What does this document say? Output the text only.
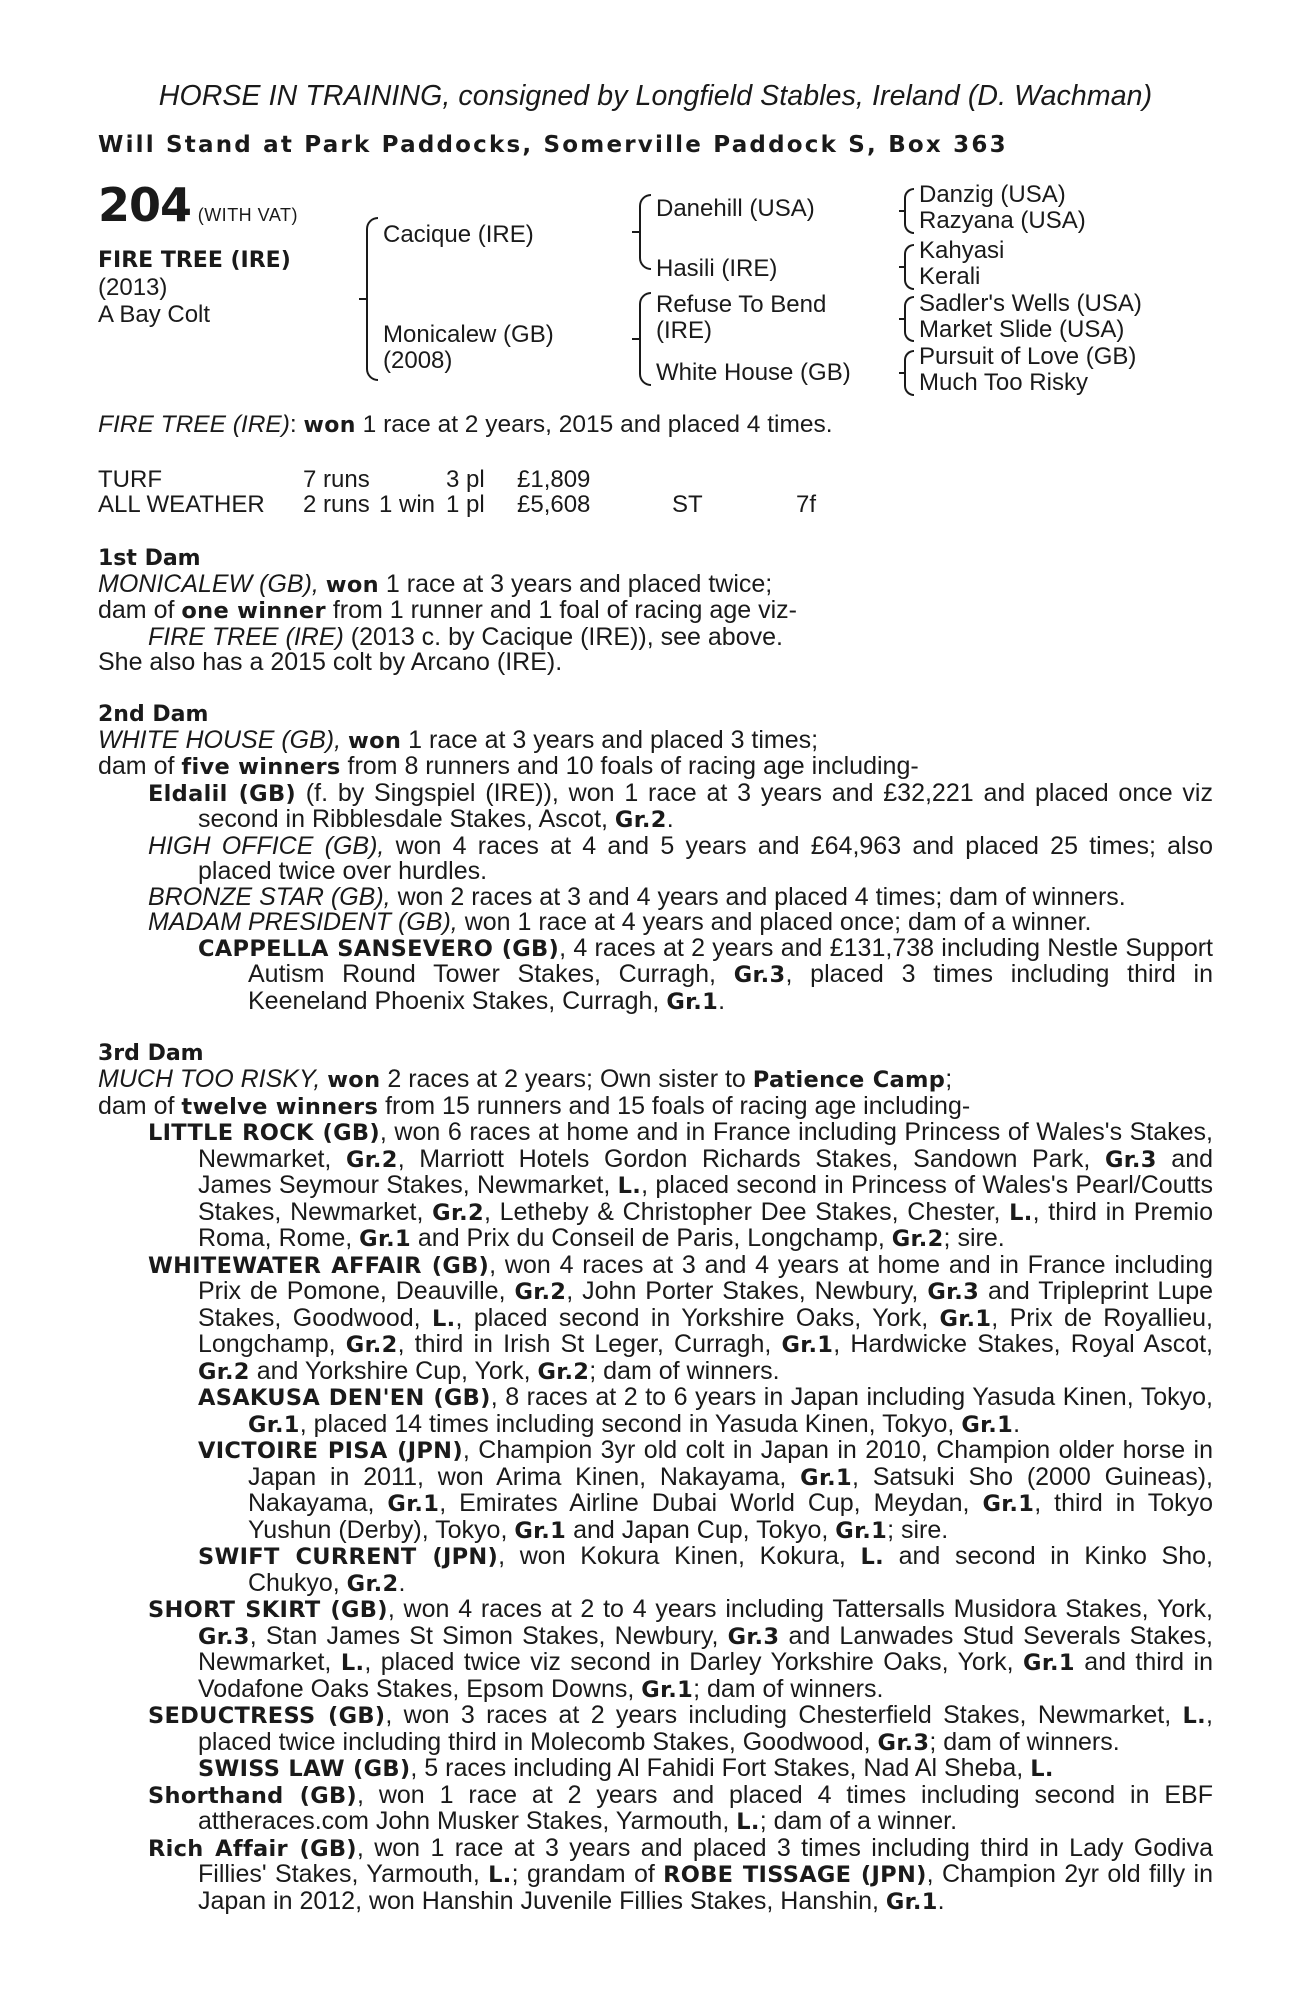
HORSE IN TRAINING, consigned by Longfield Stables, Ireland (D. Wachman)
Will Stand at Park Paddocks, Somerville Paddock S, Box 363
204 (WITH VAT)
FIRE TREE (IRE)
(2013)
A Bay Colt
Cacique (IRE)
Monicalew (GB)
(2008)
Danehill (USA)
Hasili (IRE)
Refuse To Bend
(IRE)
White House (GB)
Danzig (USA)
Razyana (USA)
Kahyasi
Kerali
Sadler's Wells (USA)
Market Slide (USA)
Pursuit of Love (GB)
Much Too Risky
FIRE TREE (IRE): won 1 race at 2 years, 2015 and placed 4 times.
TURF	7 runs		3 pl	£1,809		
ALL WEATHER	2 runs	1 win	1 pl	£5,608	ST	7f
1st Dam
MONICALEW (GB), won 1 race at 3 years and placed twice;
dam of one winner from 1 runner and 1 foal of racing age viz-
FIRE TREE (IRE) (2013 c. by Cacique (IRE)), see above.
She also has a 2015 colt by Arcano (IRE).
2nd Dam
WHITE HOUSE (GB), won 1 race at 3 years and placed 3 times;
dam of five winners from 8 runners and 10 foals of racing age including-
Eldalil (GB) (f. by Singspiel (IRE)), won 1 race at 3 years and £32,221 and placed once viz second in Ribblesdale Stakes, Ascot, Gr.2.
HIGH OFFICE (GB), won 4 races at 4 and 5 years and £64,963 and placed 25 times; also placed twice over hurdles.
BRONZE STAR (GB), won 2 races at 3 and 4 years and placed 4 times; dam of winners.
MADAM PRESIDENT (GB), won 1 race at 4 years and placed once; dam of a winner.
CAPPELLA SANSEVERO (GB), 4 races at 2 years and £131,738 including Nestle Support Autism Round Tower Stakes, Curragh, Gr.3, placed 3 times including third in Keeneland Phoenix Stakes, Curragh, Gr.1.
3rd Dam
MUCH TOO RISKY, won 2 races at 2 years; Own sister to Patience Camp;
dam of twelve winners from 15 runners and 15 foals of racing age including-
LITTLE ROCK (GB), won 6 races at home and in France including Princess of Wales's Stakes, Newmarket, Gr.2, Marriott Hotels Gordon Richards Stakes, Sandown Park, Gr.3 and James Seymour Stakes, Newmarket, L., placed second in Princess of Wales's Pearl/Coutts Stakes, Newmarket, Gr.2, Letheby & Christopher Dee Stakes, Chester, L., third in Premio Roma, Rome, Gr.1 and Prix du Conseil de Paris, Longchamp, Gr.2; sire.
WHITEWATER AFFAIR (GB), won 4 races at 3 and 4 years at home and in France including Prix de Pomone, Deauville, Gr.2, John Porter Stakes, Newbury, Gr.3 and Tripleprint Lupe Stakes, Goodwood, L., placed second in Yorkshire Oaks, York, Gr.1, Prix de Royallieu, Longchamp, Gr.2, third in Irish St Leger, Curragh, Gr.1, Hardwicke Stakes, Royal Ascot, Gr.2 and Yorkshire Cup, York, Gr.2; dam of winners.
ASAKUSA DEN'EN (GB), 8 races at 2 to 6 years in Japan including Yasuda Kinen, Tokyo, Gr.1, placed 14 times including second in Yasuda Kinen, Tokyo, Gr.1.
VICTOIRE PISA (JPN), Champion 3yr old colt in Japan in 2010, Champion older horse in Japan in 2011, won Arima Kinen, Nakayama, Gr.1, Satsuki Sho (2000 Guineas), Nakayama, Gr.1, Emirates Airline Dubai World Cup, Meydan, Gr.1, third in Tokyo Yushun (Derby), Tokyo, Gr.1 and Japan Cup, Tokyo, Gr.1; sire.
SWIFT CURRENT (JPN), won Kokura Kinen, Kokura, L. and second in Kinko Sho, Chukyo, Gr.2.
SHORT SKIRT (GB), won 4 races at 2 to 4 years including Tattersalls Musidora Stakes, York, Gr.3, Stan James St Simon Stakes, Newbury, Gr.3 and Lanwades Stud Severals Stakes, Newmarket, L., placed twice viz second in Darley Yorkshire Oaks, York, Gr.1 and third in Vodafone Oaks Stakes, Epsom Downs, Gr.1; dam of winners.
SEDUCTRESS (GB), won 3 races at 2 years including Chesterfield Stakes, Newmarket, L., placed twice including third in Molecomb Stakes, Goodwood, Gr.3; dam of winners.
SWISS LAW (GB), 5 races including Al Fahidi Fort Stakes, Nad Al Sheba, L.
Shorthand (GB), won 1 race at 2 years and placed 4 times including second in EBF attheraces.com John Musker Stakes, Yarmouth, L.; dam of a winner.
Rich Affair (GB), won 1 race at 3 years and placed 3 times including third in Lady Godiva Fillies' Stakes, Yarmouth, L.; grandam of ROBE TISSAGE (JPN), Champion 2yr old filly in Japan in 2012, won Hanshin Juvenile Fillies Stakes, Hanshin, Gr.1.
